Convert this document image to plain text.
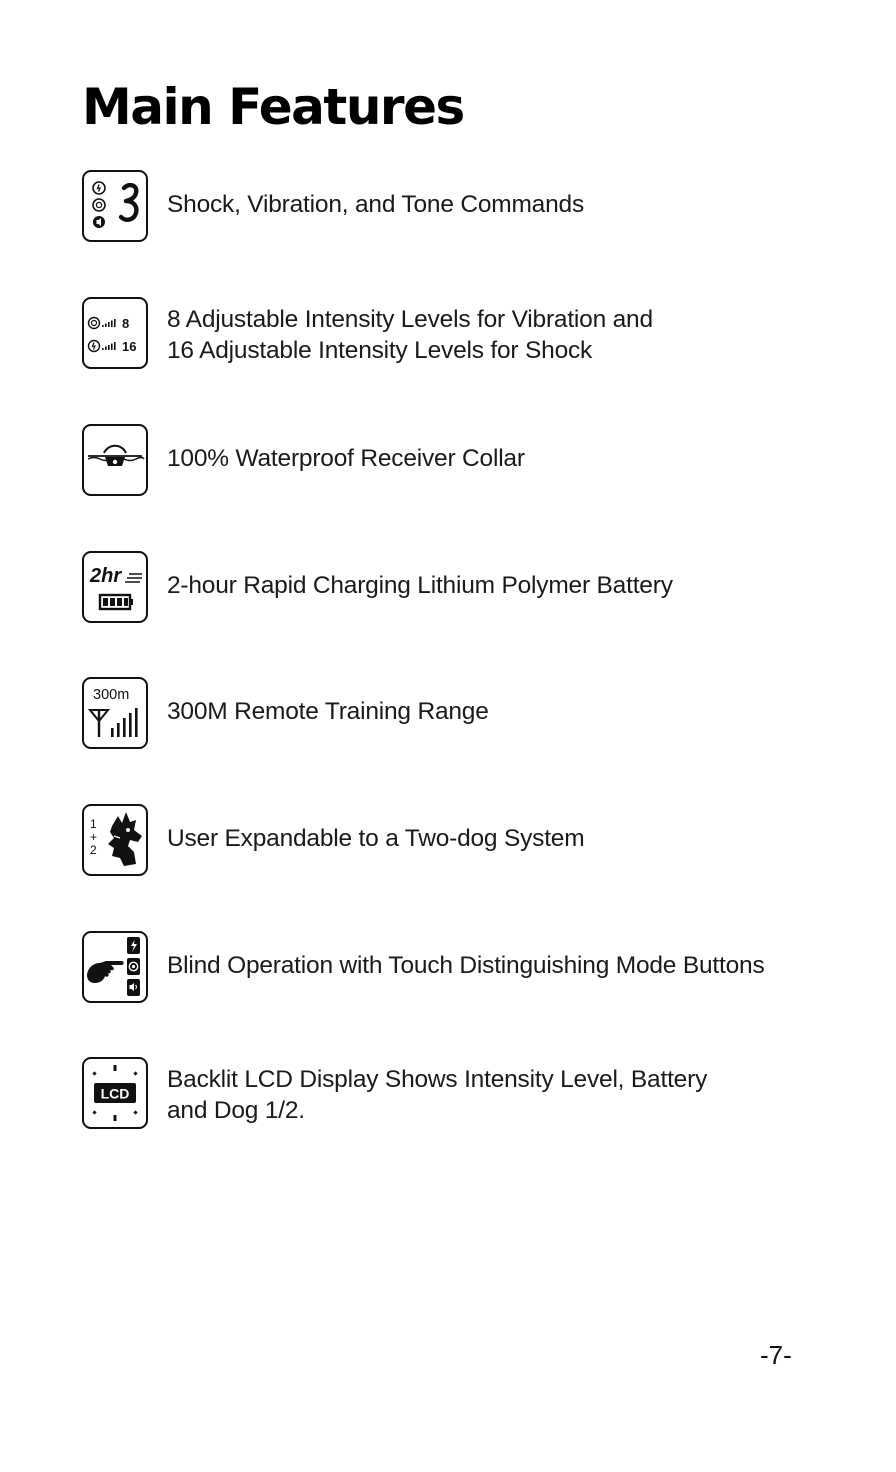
Main Features
Shock, Vibration, and Tone Commands
8
16
8 Adjustable Intensity Levels for Vibration and
16 Adjustable Intensity Levels for Shock
100% Waterproof Receiver Collar
2hr 2-hour Rapid Charging Lithium Polymer Battery
300m
300M Remote Training Range
1
+
2	User Expandable to a Two-dog System
Blind Operation with Touch Distinguishing Mode Buttons
LCD
Backlit LCD Display Shows Intensity Level, Battery
and Dog 1/2.
-7-
